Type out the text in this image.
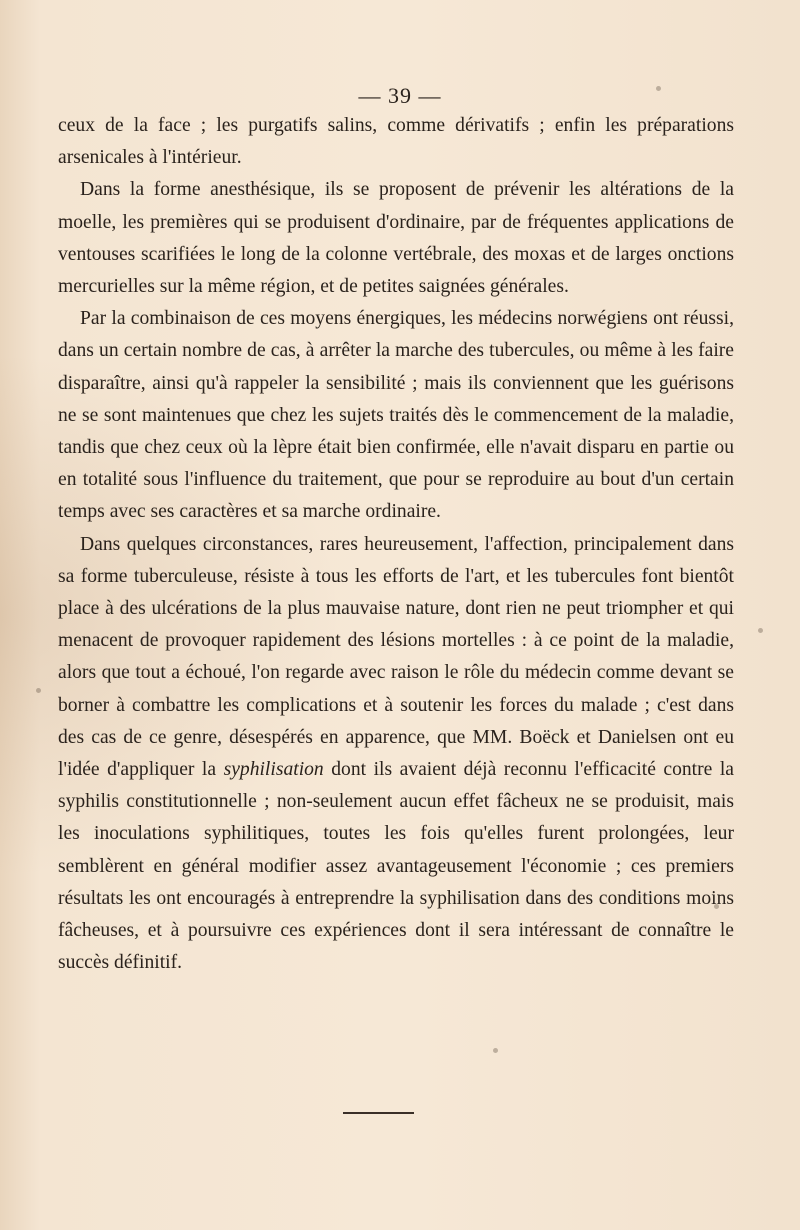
— 39 —

ceux de la face ; les purgatifs salins, comme dérivatifs ; enfin les préparations arsenicales à l'intérieur.

Dans la forme anesthésique, ils se proposent de prévenir les altérations de la moelle, les premières qui se produisent d'ordinaire, par de fréquentes applications de ventouses scarifiées le long de la colonne vertébrale, des moxas et de larges onctions mercurielles sur la même région, et de petites saignées générales.

Par la combinaison de ces moyens énergiques, les médecins norwégiens ont réussi, dans un certain nombre de cas, à arrêter la marche des tubercules, ou même à les faire disparaître, ainsi qu'à rappeler la sensibilité ; mais ils conviennent que les guérisons ne se sont maintenues que chez les sujets traités dès le commencement de la maladie, tandis que chez ceux où la lèpre était bien confirmée, elle n'avait disparu en partie ou en totalité sous l'influence du traitement, que pour se reproduire au bout d'un certain temps avec ses caractères et sa marche ordinaire.

Dans quelques circonstances, rares heureusement, l'affection, principalement dans sa forme tuberculeuse, résiste à tous les efforts de l'art, et les tubercules font bientôt place à des ulcérations de la plus mauvaise nature, dont rien ne peut triompher et qui menacent de provoquer rapidement des lésions mortelles : à ce point de la maladie, alors que tout a échoué, l'on regarde avec raison le rôle du médecin comme devant se borner à combattre les complications et à soutenir les forces du malade ; c'est dans des cas de ce genre, désespérés en apparence, que MM. Boëck et Danielsen ont eu l'idée d'appliquer la syphilisation dont ils avaient déjà reconnu l'efficacité contre la syphilis constitutionnelle ; non-seulement aucun effet fâcheux ne se produisit, mais les inoculations syphilitiques, toutes les fois qu'elles furent prolongées, leur semblèrent en général modifier assez avantageusement l'économie ; ces premiers résultats les ont encouragés à entreprendre la syphilisation dans des conditions moins fâcheuses, et à poursuivre ces expériences dont il sera intéressant de connaître le succès définitif.
